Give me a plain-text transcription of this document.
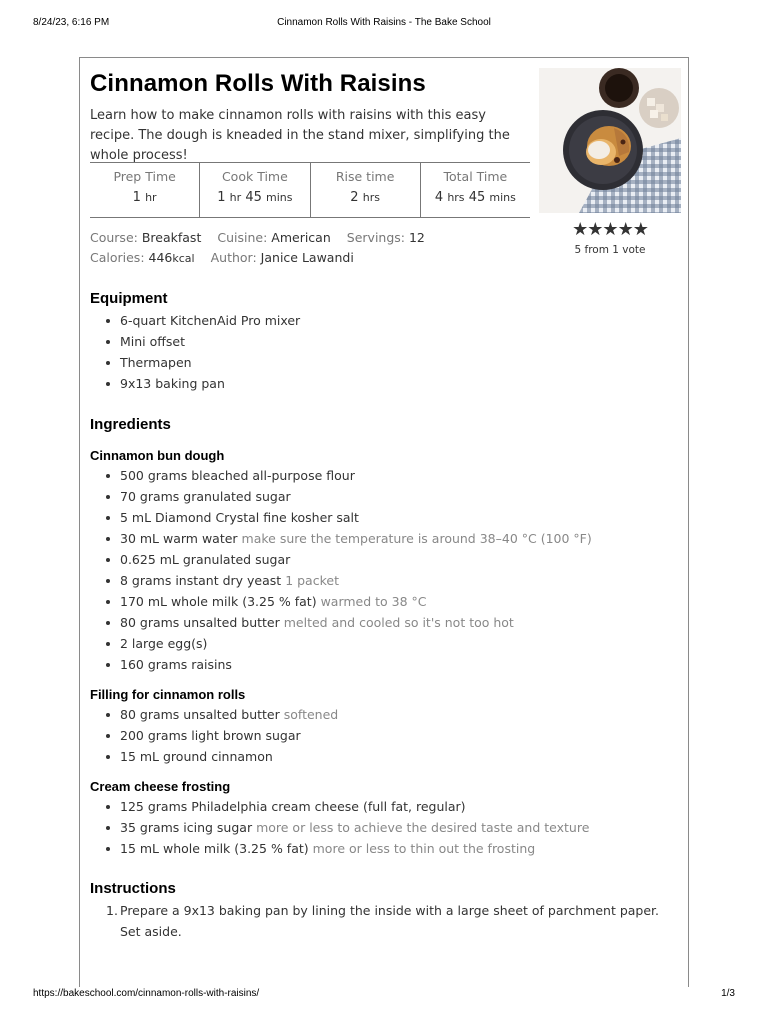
8/24/23, 6:16 PM	Cinnamon Rolls With Raisins - The Bake School
Cinnamon Rolls With Raisins

Learn how to make cinnamon rolls with raisins with this easy recipe. The dough is kneaded in the stand mixer, simplifying the whole process!

★★★★★
5 from 1 vote
Prep Time
1 hr
Cook Time
1 hr 45 mins
Rise time
2 hrs
Total Time
4 hrs 45 mins
Course: Breakfast Cuisine: American Servings: 12
Calories: 446kcal Author: Janice Lawandi
Equipment
6-quart KitchenAid Pro mixer
Mini offset
Thermapen
9x13 baking pan
Ingredients
Cinnamon bun dough
500 grams bleached all-purpose flour
70 grams granulated sugar
5 mL Diamond Crystal fine kosher salt
30 mL warm water make sure the temperature is around 38–40 °C (100 °F)
0.625 mL granulated sugar
8 grams instant dry yeast 1 packet
170 mL whole milk (3.25 % fat) warmed to 38 °C
80 grams unsalted butter melted and cooled so it's not too hot
2 large egg(s)
160 grams raisins
Filling for cinnamon rolls
80 grams unsalted butter softened
200 grams light brown sugar
15 mL ground cinnamon
Cream cheese frosting
125 grams Philadelphia cream cheese (full fat, regular)
35 grams icing sugar more or less to achieve the desired taste and texture
15 mL whole milk (3.25 % fat) more or less to thin out the frosting
Instructions
1. Prepare a 9x13 baking pan by lining the inside with a large sheet of parchment paper. Set aside.
https://bakeschool.com/cinnamon-rolls-with-raisins/	1/3
